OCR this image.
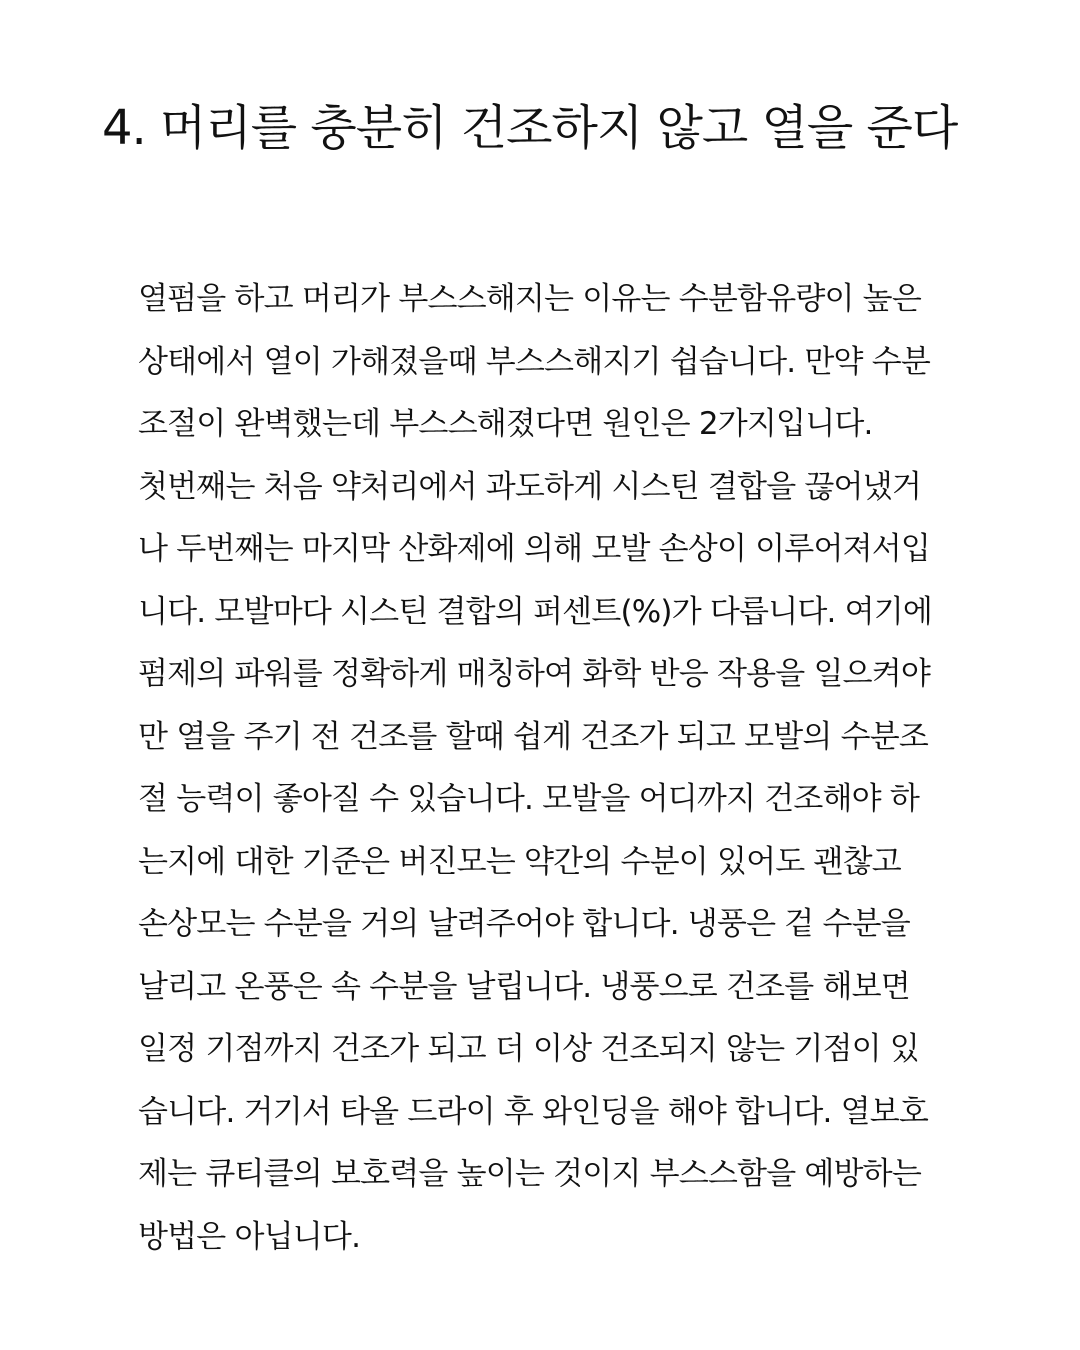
4. 머리를 충분히 건조하지 않고 열을 준다
열펌을 하고 머리가 부스스해지는 이유는 수분함유량이 높은
상태에서 열이 가해졌을때 부스스해지기 쉽습니다. 만약 수분
조절이 완벽했는데 부스스해졌다면 원인은 2가지입니다.
첫번째는 처음 약처리에서 과도하게 시스틴 결합을 끊어냈거
나 두번째는 마지막 산화제에 의해 모발 손상이 이루어져서입
니다. 모발마다 시스틴 결합의 퍼센트(%)가 다릅니다. 여기에
펌제의 파워를 정확하게 매칭하여 화학 반응 작용을 일으켜야
만 열을 주기 전 건조를 할때 쉽게 건조가 되고 모발의 수분조
절 능력이 좋아질 수 있습니다. 모발을 어디까지 건조해야 하
는지에 대한 기준은 버진모는 약간의 수분이 있어도 괜찮고
손상모는 수분을 거의 날려주어야 합니다. 냉풍은 겉 수분을
날리고 온풍은 속 수분을 날립니다. 냉풍으로 건조를 해보면
일정 기점까지 건조가 되고 더 이상 건조되지 않는 기점이 있
습니다. 거기서 타올 드라이 후 와인딩을 해야 합니다. 열보호
제는 큐티클의 보호력을 높이는 것이지 부스스함을 예방하는
방법은 아닙니다.
